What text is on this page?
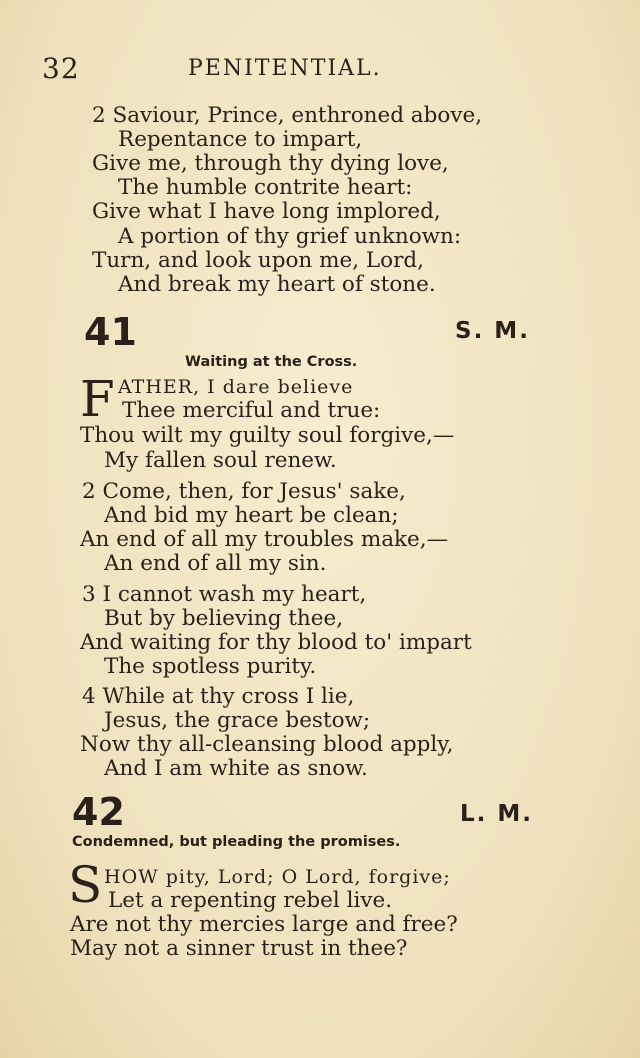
32	PENITENTIAL.
2 Saviour, Prince, enthroned above,
Repentance to impart,
Give me, through thy dying love,
The humble contrite heart:
Give what I have long implored,
A portion of thy grief unknown:
Turn, and look upon me, Lord,
And break my heart of stone.
41	S. M.
Waiting at the Cross.
F ATHER, I dare believe
Thee merciful and true:
Thou wilt my guilty soul forgive,—
My fallen soul renew.
2 Come, then, for Jesus' sake,
And bid my heart be clean;
An end of all my troubles make,—
An end of all my sin.
3 I cannot wash my heart,
But by believing thee,
And waiting for thy blood to' impart
The spotless purity.
4 While at thy cross I lie,
Jesus, the grace bestow;
Now thy all-cleansing blood apply,
And I am white as snow.
42	L. M.
Condemned, but pleading the promises.
S HOW pity, Lord; O Lord, forgive;
Let a repenting rebel live.
Are not thy mercies large and free?
May not a sinner trust in thee?
